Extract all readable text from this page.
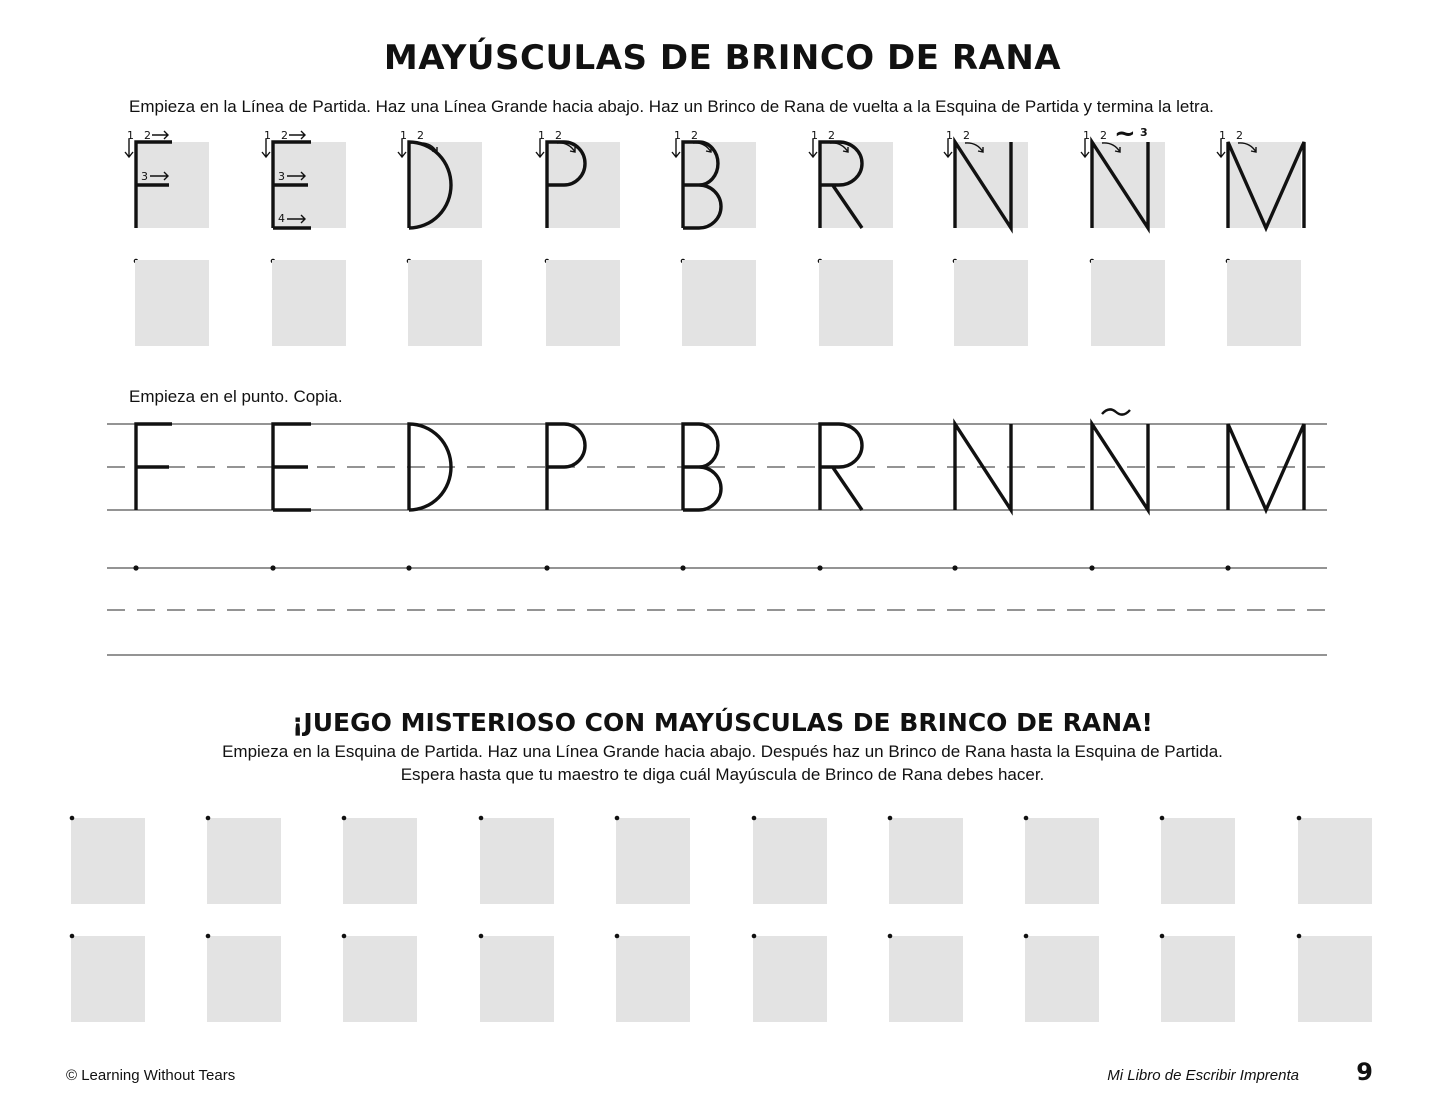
MAYÚSCULAS DE BRINCO DE RANA
Empieza en la Línea de Partida. Haz una Línea Grande hacia abajo. Haz un Brinco de Rana de vuelta a la Esquina de Partida y termina la letra.
1 2
3
1 2
3
4
1 2	1 2	1 2	1 2	1 2	1 2 ~ 3	1 2
Empieza en el punto. Copia.
¡JUEGO MISTERIOSO CON MAYÚSCULAS DE BRINCO DE RANA!
Empieza en la Esquina de Partida. Haz una Línea Grande hacia abajo. Después haz un Brinco de Rana hasta la Esquina de Partida.
Espera hasta que tu maestro te diga cuál Mayúscula de Brinco de Rana debes hacer.
© Learning Without Tears	Mi Libro de Escribir Imprenta 9
